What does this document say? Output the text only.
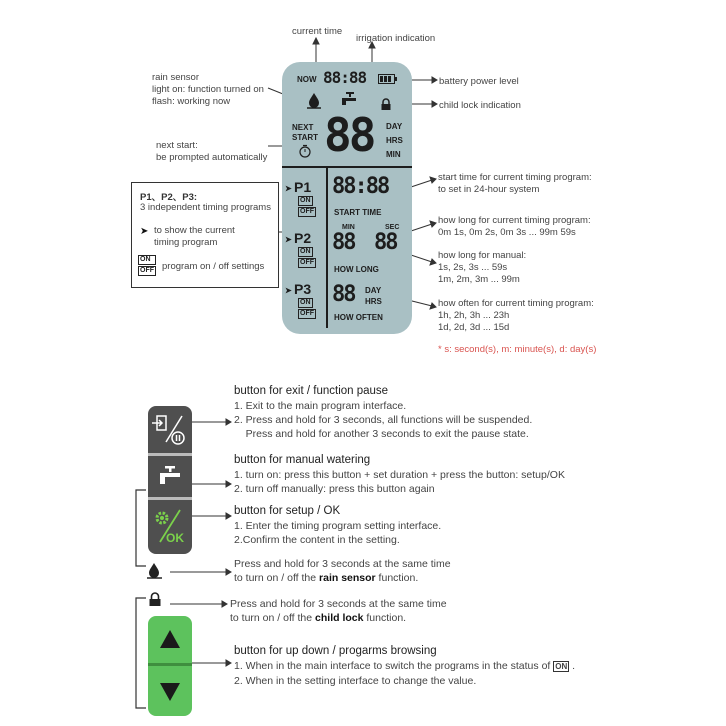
current time
irrigation indication
rain sensor
light on: function turned on
flash: working now
battery power level
child lock indication
next start:
be prompted automatically
start time for current timing program:
to set in 24-hour system
how long for current timing program:
0m 1s, 0m 2s, 0m 3s ... 99m 59s
how long for manual:
1s, 2s, 3s ... 59s
1m, 2m, 3m ... 99m
how often for current timing program:
1h, 2h, 3h ... 23h
1d, 2d, 3d ... 15d
* s: second(s), m: minute(s), d: day(s)
P1、P2、P3:
3 independent timing programs
➤ to show the current
timing program
ON
OFF program on / off settings
NOW 88:88
NEXT
START 88 DAY
HRS
MIN
➤ P1
ON
OFF
➤ P2
ON
OFF
➤ P3
ON
OFF
88:88
START TIME
MIN	SEC
88 88
HOW LONG
88 DAY
HRS
HOW OFTEN
OK
button for exit / function pause
1. Exit to the main program interface.
2. Press and hold for 3 seconds, all functions will be suspended.
Press and hold for another 3 seconds to exit the pause state.
button for manual watering
1. turn on: press this button + set duration + press the button: setup/OK
2. turn off manually: press this button again
button for setup / OK
1. Enter the timing program setting interface.
2.Confirm the content in the setting.
Press and hold for 3 seconds at the same time
to turn on / off the rain sensor function.
Press and hold for 3 seconds at the same time
to turn on / off the child lock function.
button for up down / progarms browsing
1. When in the main interface to switch the programs in the status of ON .
2. When in the setting interface to change the value.
